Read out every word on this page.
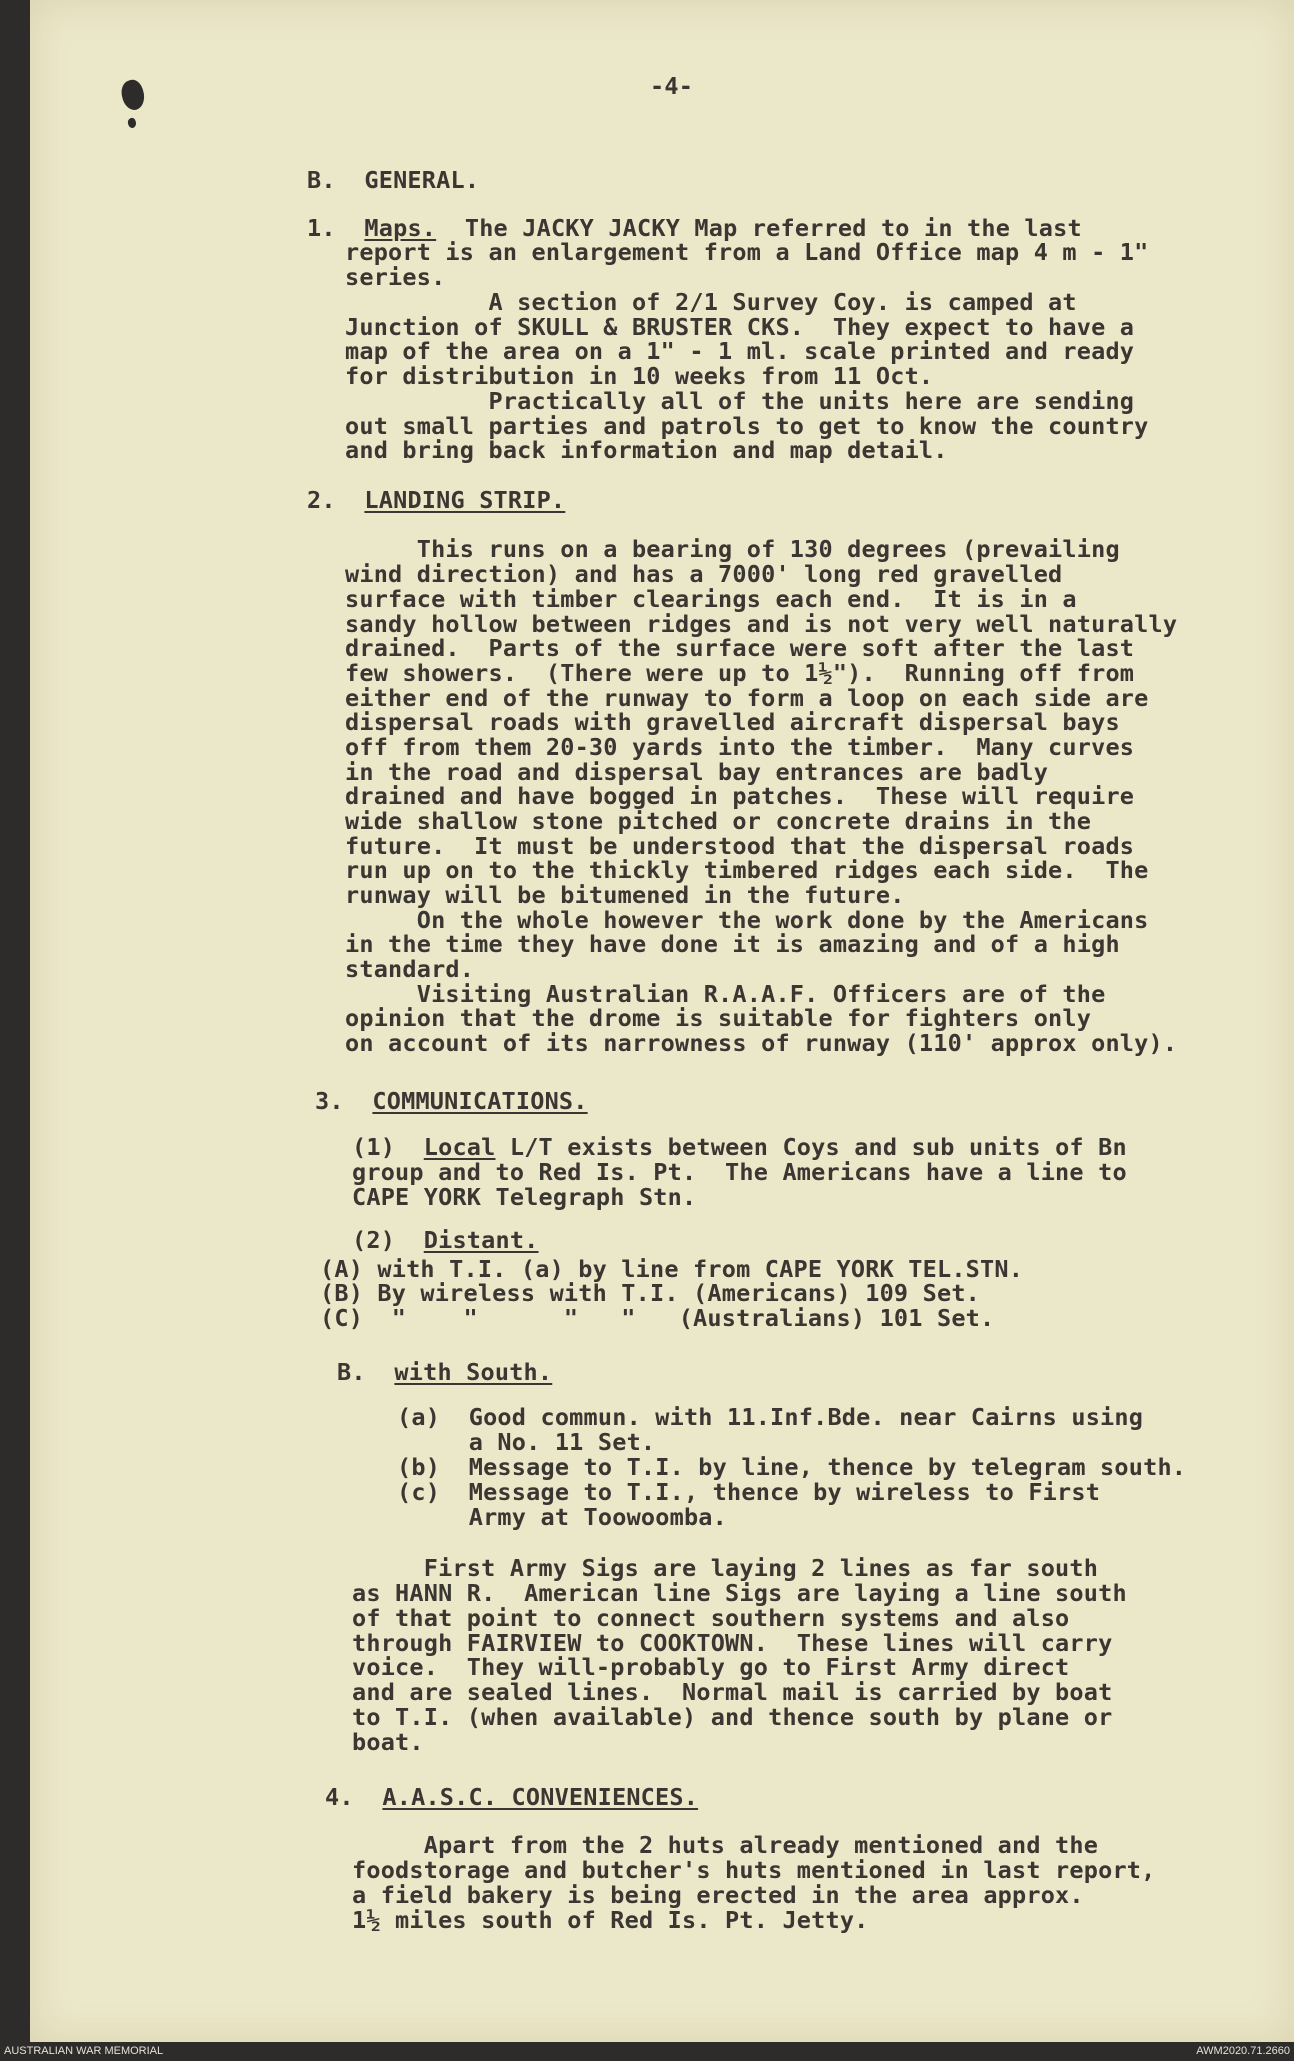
-4-
B.  GENERAL.
1. Maps.  The JACKY JACKY Map referred to in the last
report is an enlargement from a Land Office map 4 m - 1"
series.
A section of 2/1 Survey Coy. is camped at
Junction of SKULL & BRUSTER CKS.  They expect to have a
map of the area on a 1" - 1 ml. scale printed and ready
for distribution in 10 weeks from 11 Oct.
Practically all of the units here are sending
out small parties and patrols to get to know the country
and bring back information and map detail.
2. LANDING STRIP.
This runs on a bearing of 130 degrees (prevailing
wind direction) and has a 7000' long red gravelled
surface with timber clearings each end.  It is in a
sandy hollow between ridges and is not very well naturally
drained.  Parts of the surface were soft after the last
few showers.  (There were up to 1½").  Running off from
either end of the runway to form a loop on each side are
dispersal roads with gravelled aircraft dispersal bays
off from them 20-30 yards into the timber.  Many curves
in the road and dispersal bay entrances are badly
drained and have bogged in patches.  These will require
wide shallow stone pitched or concrete drains in the
future.  It must be understood that the dispersal roads
run up on to the thickly timbered ridges each side.  The
runway will be bitumened in the future.
On the whole however the work done by the Americans
in the time they have done it is amazing and of a high
standard.
Visiting Australian R.A.A.F. Officers are of the
opinion that the drome is suitable for fighters only
on account of its narrowness of runway (110' approx only).
3. COMMUNICATIONS.
(1) Local L/T exists between Coys and sub units of Bn
group and to Red Is. Pt.  The Americans have a line to
CAPE YORK Telegraph Stn.
(2) Distant.
(A) with T.I. (a) by line from CAPE YORK TEL.STN.
(B) By wireless with T.I. (Americans) 109 Set.
(C)  "    "      "   "   (Australians) 101 Set.
B. with South.
(a)  Good commun. with 11.Inf.Bde. near Cairns using
a No. 11 Set.
(b)  Message to T.I. by line, thence by telegram south.
(c)  Message to T.I., thence by wireless to First
Army at Toowoomba.
First Army Sigs are laying 2 lines as far south
as HANN R.  American line Sigs are laying a line south
of that point to connect southern systems and also
through FAIRVIEW to COOKTOWN.  These lines will carry
voice.  They will-probably go to First Army direct
and are sealed lines.  Normal mail is carried by boat
to T.I. (when available) and thence south by plane or
boat.
4. A.A.S.C. CONVENIENCES.
Apart from the 2 huts already mentioned and the
foodstorage and butcher's huts mentioned in last report,
a field bakery is being erected in the area approx.
1½ miles south of Red Is. Pt. Jetty.
AUSTRALIAN WAR MEMORIAL	AWM2020.71.2660
